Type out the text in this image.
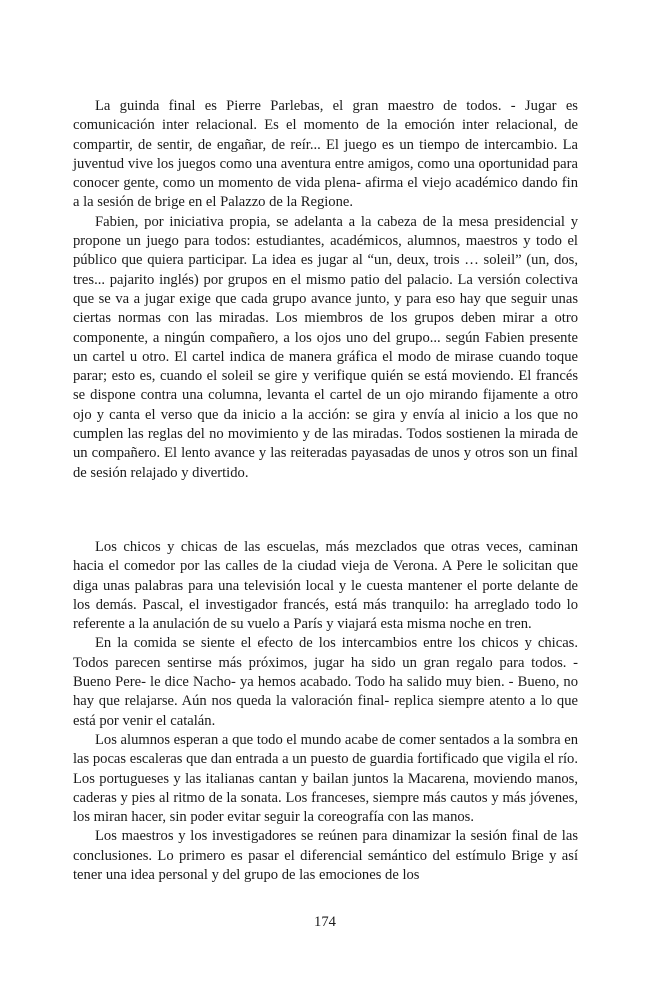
La guinda final es Pierre Parlebas, el gran maestro de todos. - Jugar es comunicación inter relacional. Es el momento de la emoción inter relacional, de compartir, de sentir, de engañar, de reír... El juego es un tiempo de intercambio. La juventud vive los juegos como una aventura entre amigos, como una oportunidad para conocer gente, como un momento de vida plena- afirma el viejo académico dando fin a la sesión de brige en el Palazzo de la Regione.

Fabien, por iniciativa propia, se adelanta a la cabeza de la mesa presidencial y propone un juego para todos: estudiantes, académicos, alumnos, maestros y todo el público que quiera participar. La idea es jugar al “un, deux, trois … soleil” (un, dos, tres... pajarito inglés) por grupos en el mismo patio del palacio. La versión colectiva que se va a jugar exige que cada grupo avance junto, y para eso hay que seguir unas ciertas normas con las miradas. Los miembros de los grupos deben mirar a otro componente, a ningún compañero, a los ojos uno del grupo... según Fabien presente un cartel u otro. El cartel indica de manera gráfica el modo de mirase cuando toque parar; esto es, cuando el soleil se gire y verifique quién se está moviendo. El francés se dispone contra una columna, levanta el cartel de un ojo mirando fijamente a otro ojo y canta el verso que da inicio a la acción: se gira y envía al inicio a los que no cumplen las reglas del no movimiento y de las miradas. Todos sostienen la mirada de un compañero. El lento avance y las reiteradas payasadas de unos y otros son un final de sesión relajado y divertido.

Los chicos y chicas de las escuelas, más mezclados que otras veces, caminan hacia el comedor por las calles de la ciudad vieja de Verona. A Pere le solicitan que diga unas palabras para una televisión local y le cuesta mantener el porte delante de los demás. Pascal, el investigador francés, está más tranquilo: ha arreglado todo lo referente a la anulación de su vuelo a París y viajará esta misma noche en tren.

En la comida se siente el efecto de los intercambios entre los chicos y chicas. Todos parecen sentirse más próximos, jugar ha sido un gran regalo para todos. - Bueno Pere- le dice Nacho- ya hemos acabado. Todo ha salido muy bien. - Bueno, no hay que relajarse. Aún nos queda la valoración final- replica siempre atento a lo que está por venir el catalán.

Los alumnos esperan a que todo el mundo acabe de comer sentados a la sombra en las pocas escaleras que dan entrada a un puesto de guardia fortificado que vigila el río. Los portugueses y las italianas cantan y bailan juntos la Macarena, moviendo manos, caderas y pies al ritmo de la sonata. Los franceses, siempre más cautos y más jóvenes, los miran hacer, sin poder evitar seguir la coreografía con las manos.

Los maestros y los investigadores se reúnen para dinamizar la sesión final de las conclusiones. Lo primero es pasar el diferencial semántico del estímulo Brige y así tener una idea personal y del grupo de las emociones de los

174
